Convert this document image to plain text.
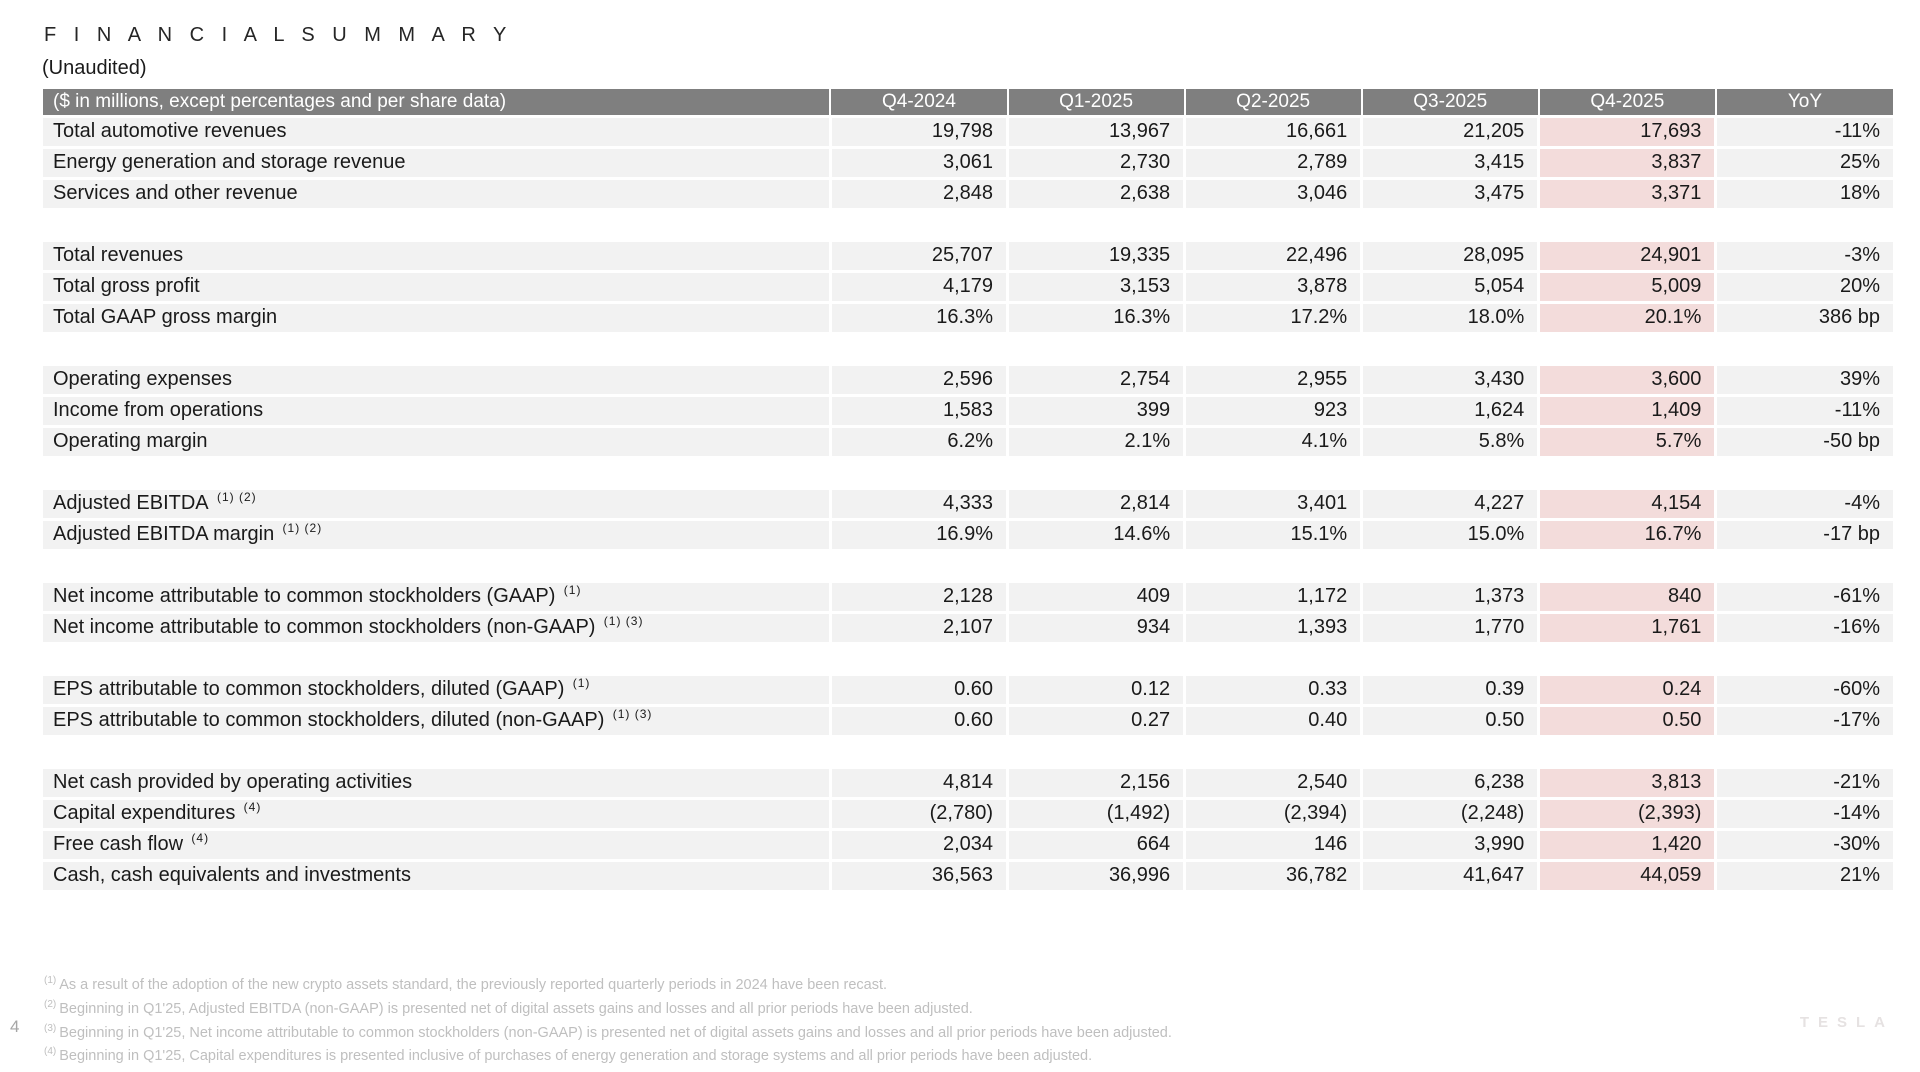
F I N A N C I A L S U M M A R Y
(Unaudited)
($ in millions, except percentages and per share data)	Q4-2024	Q1-2025	Q2-2025	Q3-2025	Q4-2025	YoY
Total automotive revenues	19,798	13,967	16,661	21,205	17,693	-11%
Energy generation and storage revenue	3,061	2,730	2,789	3,415	3,837	25%
Services and other revenue	2,848	2,638	3,046	3,475	3,371	18%

Total revenues	25,707	19,335	22,496	28,095	24,901	-3%
Total gross profit	4,179	3,153	3,878	5,054	5,009	20%
Total GAAP gross margin	16.3%	16.3%	17.2%	18.0%	20.1%	386 bp

Operating expenses	2,596	2,754	2,955	3,430	3,600	39%
Income from operations	1,583	399	923	1,624	1,409	-11%
Operating margin	6.2%	2.1%	4.1%	5.8%	5.7%	-50 bp

Adjusted EBITDA $^{(1) (2)}$	4,333	2,814	3,401	4,227	4,154	-4%
Adjusted EBITDA margin $^{(1) (2)}$	16.9%	14.6%	15.1%	15.0%	16.7%	-17 bp

Net income attributable to common stockholders (GAAP) $^{(1)}$	2,128	409	1,172	1,373	840	-61%
Net income attributable to common stockholders (non-GAAP) $^{(1) (3)}$	2,107	934	1,393	1,770	1,761	-16%

EPS attributable to common stockholders, diluted (GAAP) $^{(1)}$	0.60	0.12	0.33	0.39	0.24	-60%
EPS attributable to common stockholders, diluted (non-GAAP) $^{(1) (3)}$	0.60	0.27	0.40	0.50	0.50	-17%

Net cash provided by operating activities	4,814	2,156	2,540	6,238	3,813	-21%
Capital expenditures $^{(4)}$	(2,780)	(1,492)	(2,394)	(2,248)	(2,393)	-14%
Free cash flow $^{(4)}$	2,034	664	146	3,990	1,420	-30%
Cash, cash equivalents and investments	36,563	36,996	36,782	41,647	44,059	21%
$^{(1)}$ As a result of the adoption of the new crypto assets standard, the previously reported quarterly periods in 2024 have been recast.
$^{(2)}$ Beginning in Q1'25, Adjusted EBITDA (non-GAAP) is presented net of digital assets gains and losses and all prior periods have been adjusted.
$^{(3)}$ Beginning in Q1'25, Net income attributable to common stockholders (non-GAAP) is presented net of digital assets gains and losses and all prior periods have been adjusted.
$^{(4)}$ Beginning in Q1'25, Capital expenditures is presented inclusive of purchases of energy generation and storage systems and all prior periods have been adjusted.
4	TESLA
